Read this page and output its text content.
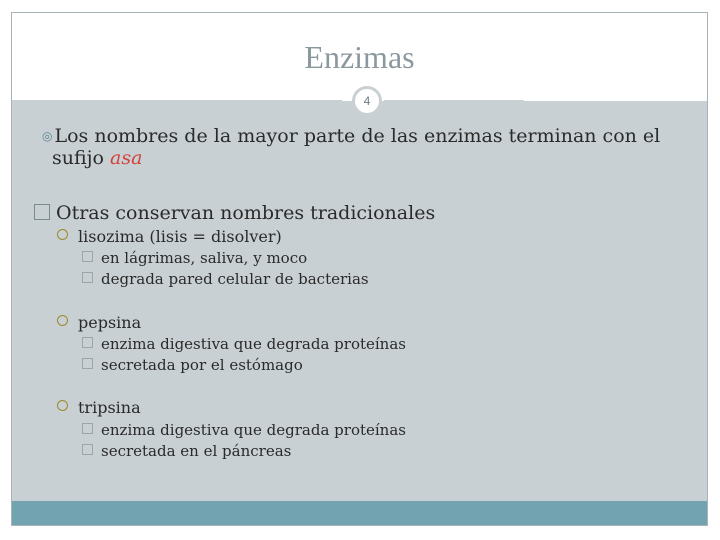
Enzimas
4
◎ Los nombres de la mayor parte de las enzimas terminan con el
sufijo asa
Otras conservan nombres tradicionales
lisozima (lisis = disolver)
en lágrimas, saliva, y moco
degrada pared celular de bacterias
pepsina
enzima digestiva que degrada proteínas
secretada por el estómago
tripsina
enzima digestiva que degrada proteínas
secretada en el páncreas
